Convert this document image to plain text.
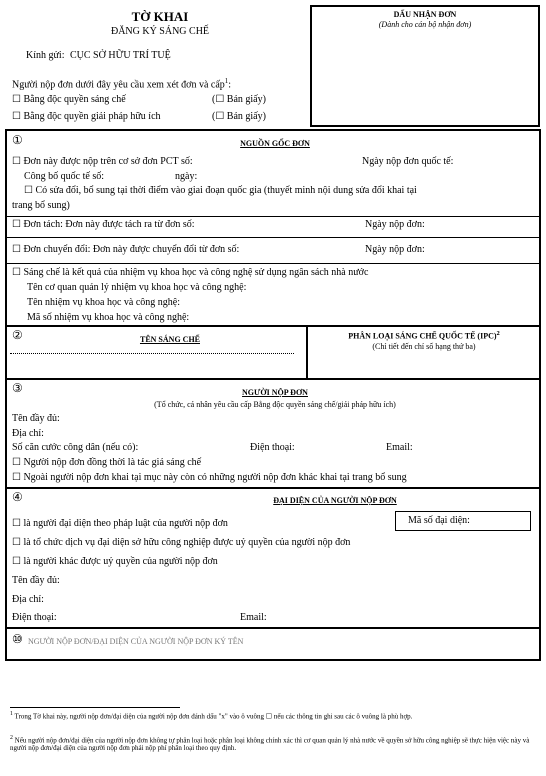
TỜ KHAI
ĐĂNG KÝ SÁNG CHẾ
Kính gửi: CỤC SỞ HỮU TRÍ TUỆ
Người nộp đơn dưới đây yêu cầu xem xét đơn và cấp$^1$:
☐ Bằng độc quyền sáng chế	(☐ Bản giấy)
☐ Bằng độc quyền giải pháp hữu ích	(☐ Bản giấy)
DẤU NHẬN ĐƠN
(Dành cho cán bộ nhận đơn)
①	NGUỒN GỐC ĐƠN
☐ Đơn này được nộp trên cơ sở đơn PCT số:	Ngày nộp đơn quốc tế:
Công bố quốc tế số:	ngày:
☐ Có sửa đổi, bổ sung tại thời điểm vào giai đoạn quốc gia (thuyết minh nội dung sửa đổi khai tại
trang bổ sung)
☐ Đơn tách: Đơn này được tách ra từ đơn số:	Ngày nộp đơn:
☐ Đơn chuyển đổi: Đơn này được chuyển đổi từ đơn số:	Ngày nộp đơn:
☐ Sáng chế là kết quả của nhiệm vụ khoa học và công nghệ sử dụng ngân sách nhà nước
Tên cơ quan quản lý nhiệm vụ khoa học và công nghệ:
Tên nhiệm vụ khoa học và công nghệ:
Mã số nhiệm vụ khoa học và công nghệ:
②	TÊN SÁNG CHẾ	PHÂN LOẠI SÁNG CHẾ QUỐC TẾ (IPC)$^2$
(Chỉ tiết đến chỉ số hạng thứ ba)
③	NGƯỜI NỘP ĐƠN
(Tổ chức, cá nhân yêu cầu cấp Bằng độc quyền sáng chế/giải pháp hữu ích)
Tên đầy đủ:
Địa chỉ:
Số căn cước công dân (nếu có):	Điện thoại:	Email:
☐ Người nộp đơn đồng thời là tác giả sáng chế
☐ Ngoài người nộp đơn khai tại mục này còn có những người nộp đơn khác khai tại trang bổ sung
④	ĐẠI DIỆN CỦA NGƯỜI NỘP ĐƠN
Mã số đại diện:
☐ là người đại diện theo pháp luật của người nộp đơn
☐ là tổ chức dịch vụ đại diện sở hữu công nghiệp được uỷ quyền của người nộp đơn
☐ là người khác được uỷ quyền của người nộp đơn
Tên đầy đủ:
Địa chỉ:
Điện thoại:	Email:
⑩ NGƯỜI NỘP ĐƠN/ĐẠI DIỆN CỦA NGƯỜI NỘP ĐƠN KÝ TÊN
$^1$ Trong Tờ khai này, người nộp đơn/đại diện của người nộp đơn đánh dấu "x" vào ô vuông ☐ nếu các thông tin ghi sau các ô vuông là phù hợp.
$^2$ Nếu người nộp đơn/đại diện của người nộp đơn không tự phân loại hoặc phân loại không chính xác thì cơ quan quản lý nhà nước về quyền sở hữu công nghiệp sẽ thực hiện việc này và người nộp đơn/đại diện của người nộp đơn phải nộp phí phân loại theo quy định.
